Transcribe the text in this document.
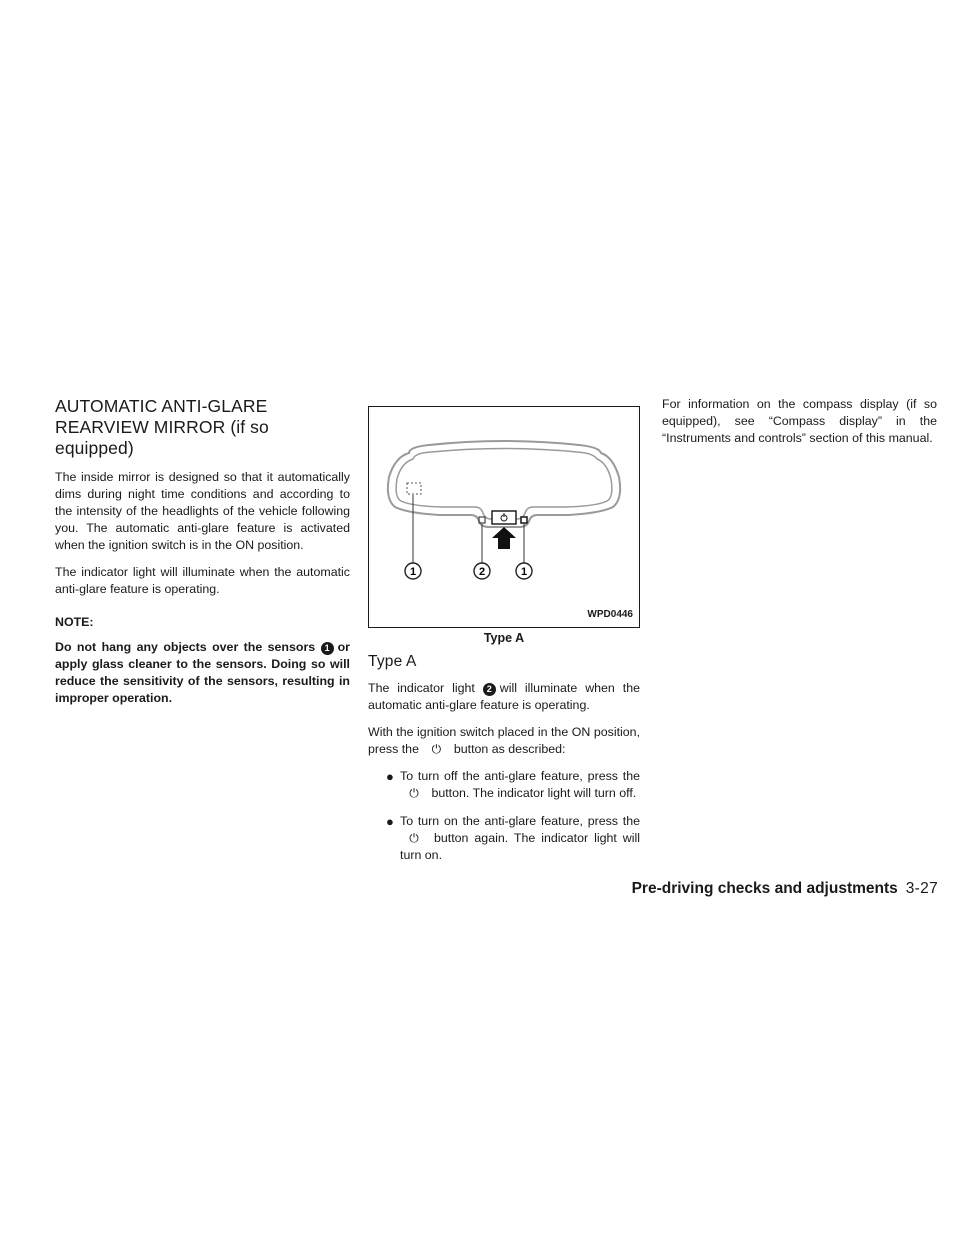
AUTOMATIC ANTI-GLARE
REARVIEW MIRROR (if so equipped)

The inside mirror is designed so that it automatically dims during night time conditions and according to the intensity of the headlights of the vehicle following you. The automatic anti-glare feature is activated when the ignition switch is in the ON position.

The indicator light will illuminate when the automatic anti-glare feature is operating.

NOTE:
Do not hang any objects over the sensors 1 or apply glass cleaner to the sensors. Doing so will reduce the sensitivity of the sensors, resulting in improper operation.
1	2	1
WPD0446
Type A
Type A

The indicator light 2 will illuminate when the automatic anti-glare feature is operating.

With the ignition switch placed in the ON position, press the ⏻ button as described:

● To turn off the anti-glare feature, press the ⏻ button. The indicator light will turn off.
● To turn on the anti-glare feature, press the ⏻ button again. The indicator light will turn on.

For information on the compass display (if so equipped), see “Compass display” in the “Instruments and controls” section of this manual.

Pre-driving checks and adjustments 3-27
